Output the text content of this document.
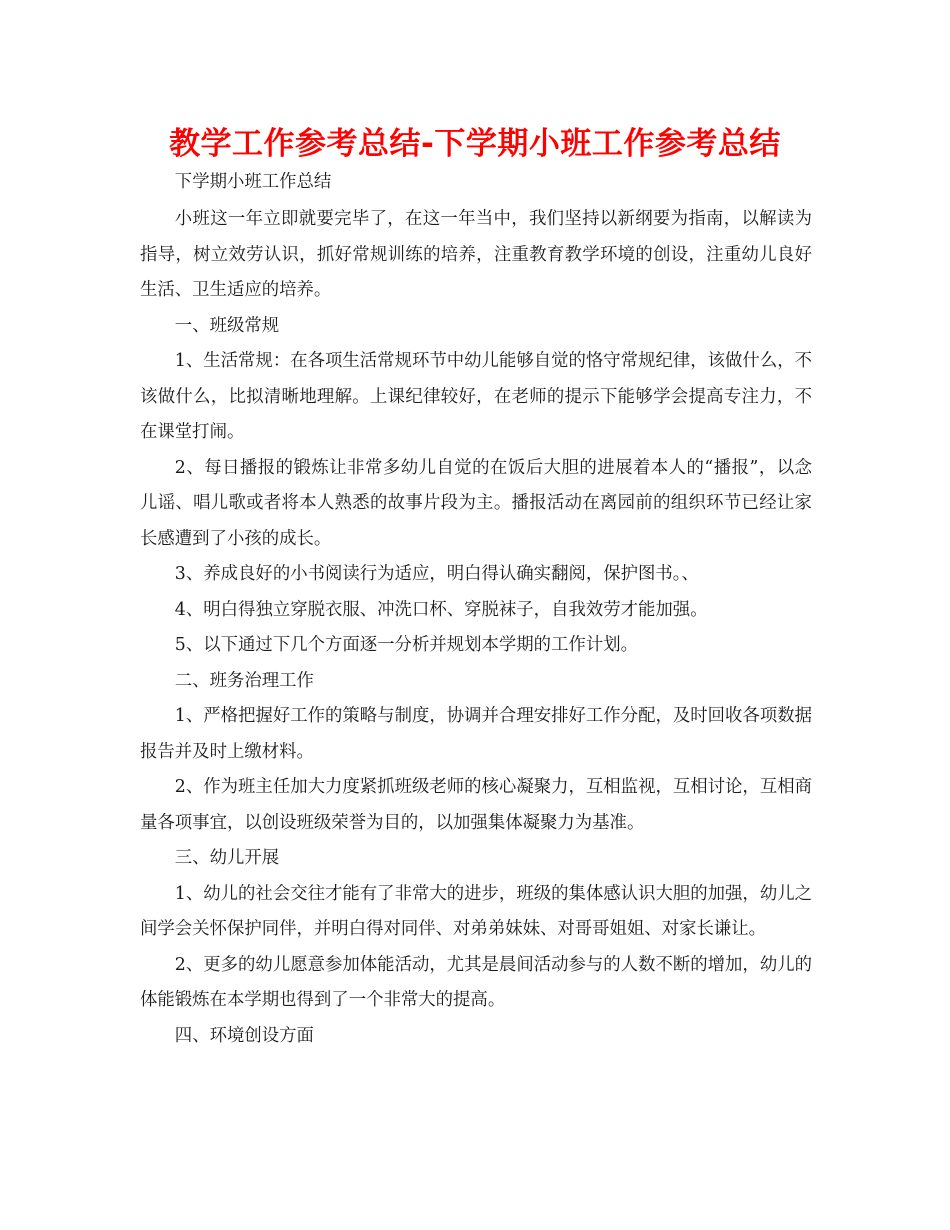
教学工作参考总结-下学期小班工作参考总结

下学期小班工作总结

小班这一年立即就要完毕了，在这一年当中，我们坚持以新纲要为指南，以解读为指导，树立效劳认识，抓好常规训练的培养，注重教育教学环境的创设，注重幼儿良好生活、卫生适应的培养。

一、班级常规

1、生活常规：在各项生活常规环节中幼儿能够自觉的恪守常规纪律，该做什么，不该做什么，比拟清晰地理解。上课纪律较好，在老师的提示下能够学会提高专注力，不在课堂打闹。

2、每日播报的锻炼让非常多幼儿自觉的在饭后大胆的进展着本人的“播报”，以念儿谣、唱儿歌或者将本人熟悉的故事片段为主。播报活动在离园前的组织环节已经让家长感遭到了小孩的成长。

3、养成良好的小书阅读行为适应，明白得认确实翻阅，保护图书。、

4、明白得独立穿脱衣服、冲洗口杯、穿脱袜子，自我效劳才能加强。

5、以下通过下几个方面逐一分析并规划本学期的工作计划。

二、班务治理工作

1、严格把握好工作的策略与制度，协调并合理安排好工作分配，及时回收各项数据报告并及时上缴材料。

2、作为班主任加大力度紧抓班级老师的核心凝聚力，互相监视，互相讨论，互相商量各项事宜，以创设班级荣誉为目的，以加强集体凝聚力为基准。

三、幼儿开展

1、幼儿的社会交往才能有了非常大的进步，班级的集体感认识大胆的加强，幼儿之间学会关怀保护同伴，并明白得对同伴、对弟弟妹妹、对哥哥姐姐、对家长谦让。

2、更多的幼儿愿意参加体能活动，尤其是晨间活动参与的人数不断的增加，幼儿的体能锻炼在本学期也得到了一个非常大的提高。

四、环境创设方面
